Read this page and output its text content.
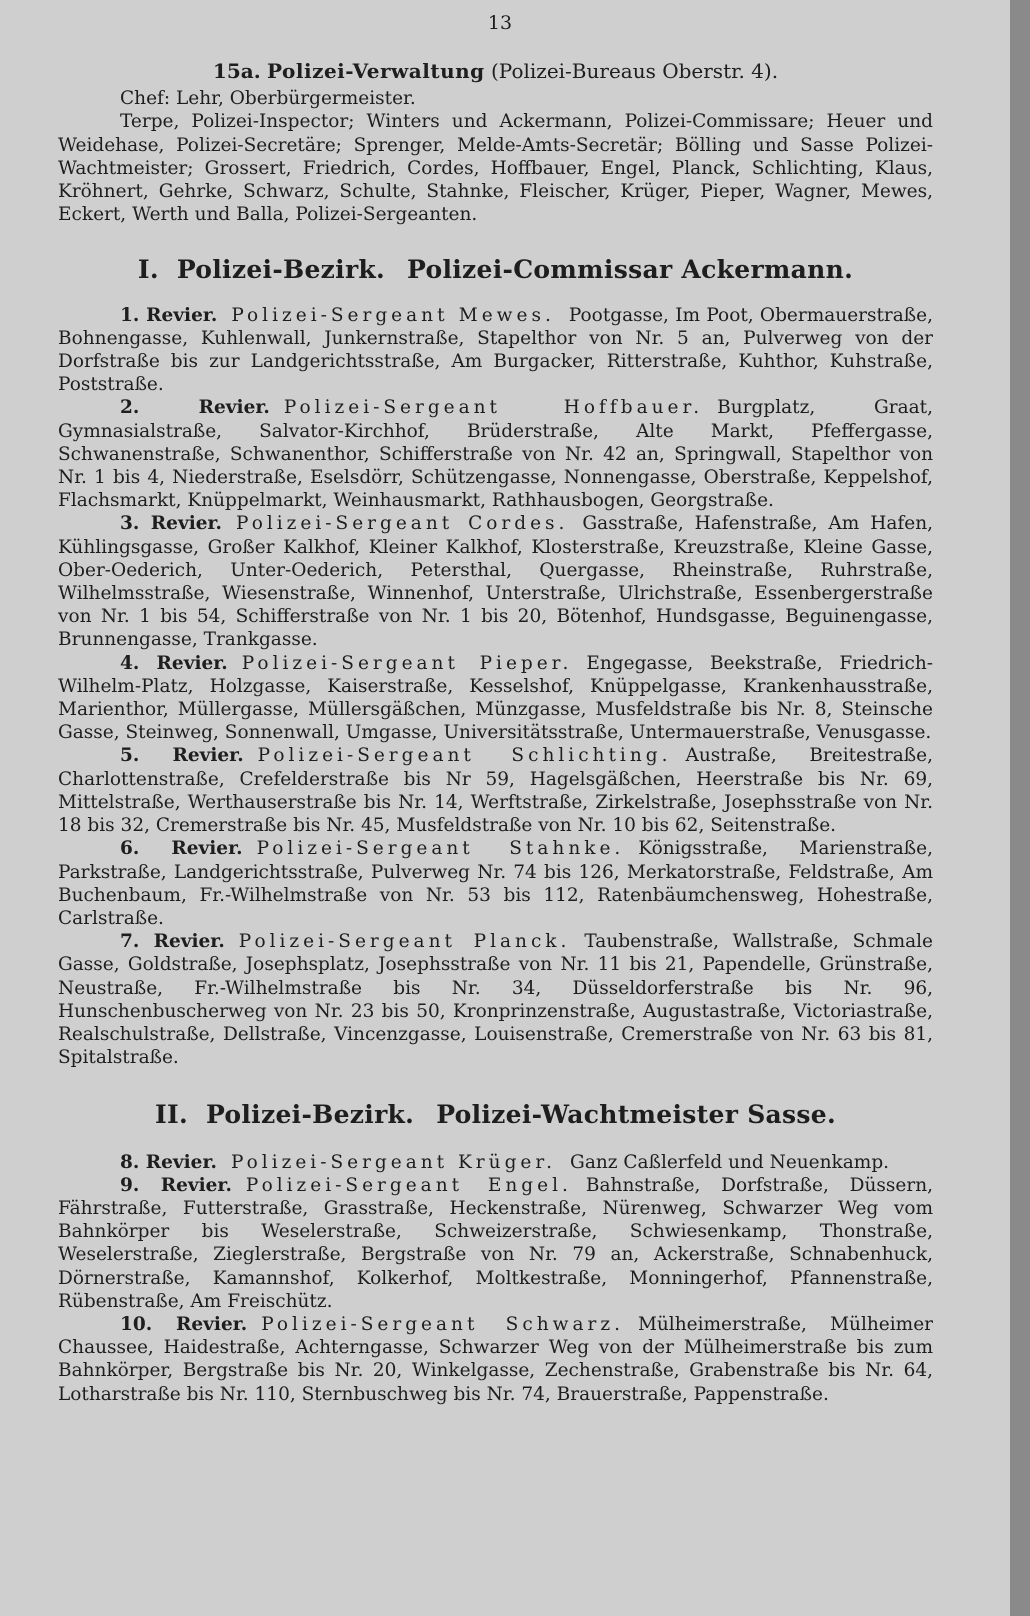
13
15a. Polizei-Verwaltung (Polizei-Bureaus Oberstr. 4).

Chef: Lehr, Oberbürgermeister.

Terpe, Polizei-Inspector; Winters und Ackermann, Polizei-Commissare; Heuer und Weidehase, Polizei-Secretäre; Sprenger, Melde-Amts-Secretär; Bölling und Sasse Polizei-Wachtmeister; Grossert, Friedrich, Cordes, Hoffbauer, Engel, Planck, Schlichting, Klaus, Kröhnert, Gehrke, Schwarz, Schulte, Stahnke, Fleischer, Krüger, Pieper, Wagner, Mewes, Eckert, Werth und Balla, Polizei-Sergeanten.

I. Polizei-Bezirk. Polizei-Commissar Ackermann.

1. Revier. Polizei-Sergeant Mewes. Pootgasse, Im Poot, Obermauerstraße, Bohnengasse, Kuhlenwall, Junkernstraße, Stapelthor von Nr. 5 an, Pulverweg von der Dorfstraße bis zur Landgerichtsstraße, Am Burgacker, Ritterstraße, Kuhthor, Kuhstraße, Poststraße.

2. Revier. Polizei-Sergeant Hoffbauer. Burgplatz, Graat, Gymnasialstraße, Salvator-Kirchhof, Brüderstraße, Alte Markt, Pfeffergasse, Schwanenstraße, Schwanenthor, Schifferstraße von Nr. 42 an, Springwall, Stapelthor von Nr. 1 bis 4, Niederstraße, Eselsdörr, Schützengasse, Nonnengasse, Oberstraße, Keppelshof, Flachsmarkt, Knüppelmarkt, Weinhausmarkt, Rathhausbogen, Georgstraße.

3. Revier. Polizei-Sergeant Cordes. Gasstraße, Hafenstraße, Am Hafen, Kühlingsgasse, Großer Kalkhof, Kleiner Kalkhof, Klosterstraße, Kreuzstraße, Kleine Gasse, Ober-Oederich, Unter-Oederich, Petersthal, Quergasse, Rheinstraße, Ruhrstraße, Wilhelmsstraße, Wiesenstraße, Winnenhof, Unterstraße, Ulrichstraße, Essenbergerstraße von Nr. 1 bis 54, Schifferstraße von Nr. 1 bis 20, Bötenhof, Hundsgasse, Beguinengasse, Brunnengasse, Trankgasse.

4. Revier. Polizei-Sergeant Pieper. Engegasse, Beekstraße, Friedrich-Wilhelm-Platz, Holzgasse, Kaiserstraße, Kesselshof, Knüppelgasse, Krankenhausstraße, Marienthor, Müllergasse, Müllersgäßchen, Münzgasse, Musfeldstraße bis Nr. 8, Steinsche Gasse, Steinweg, Sonnenwall, Umgasse, Universitätsstraße, Untermauerstraße, Venusgasse.

5. Revier. Polizei-Sergeant Schlichting. Austraße, Breitestraße, Charlottenstraße, Crefelderstraße bis Nr 59, Hagelsgäßchen, Heerstraße bis Nr. 69, Mittelstraße, Werthauserstraße bis Nr. 14, Werftstraße, Zirkelstraße, Josephsstraße von Nr. 18 bis 32, Cremerstraße bis Nr. 45, Musfeldstraße von Nr. 10 bis 62, Seitenstraße.

6. Revier. Polizei-Sergeant Stahnke. Königsstraße, Marienstraße, Parkstraße, Landgerichtsstraße, Pulverweg Nr. 74 bis 126, Merkatorstraße, Feldstraße, Am Buchenbaum, Fr.-Wilhelmstraße von Nr. 53 bis 112, Ratenbäumchensweg, Hohestraße, Carlstraße.

7. Revier. Polizei-Sergeant Planck. Taubenstraße, Wallstraße, Schmale Gasse, Goldstraße, Josephsplatz, Josephsstraße von Nr. 11 bis 21, Papendelle, Grünstraße, Neustraße, Fr.-Wilhelmstraße bis Nr. 34, Düsseldorferstraße bis Nr. 96, Hunschenbuscherweg von Nr. 23 bis 50, Kronprinzenstraße, Augustastraße, Victoriastraße, Realschulstraße, Dellstraße, Vincenzgasse, Louisenstraße, Cremerstraße von Nr. 63 bis 81, Spitalstraße.

II. Polizei-Bezirk. Polizei-Wachtmeister Sasse.

8. Revier. Polizei-Sergeant Krüger. Ganz Caßlerfeld und Neuenkamp.

9. Revier. Polizei-Sergeant Engel. Bahnstraße, Dorfstraße, Düssern, Fährstraße, Futterstraße, Grasstraße, Heckenstraße, Nürenweg, Schwarzer Weg vom Bahnkörper bis Weselerstraße, Schweizerstraße, Schwiesenkamp, Thonstraße, Weselerstraße, Zieglerstraße, Bergstraße von Nr. 79 an, Ackerstraße, Schnabenhuck, Dörnerstraße, Kamannshof, Kolkerhof, Moltkestraße, Monningerhof, Pfannenstraße, Rübenstraße, Am Freischütz.

10. Revier. Polizei-Sergeant Schwarz. Mülheimerstraße, Mülheimer Chaussee, Haidestraße, Achterngasse, Schwarzer Weg von der Mülheimerstraße bis zum Bahnkörper, Bergstraße bis Nr. 20, Winkelgasse, Zechenstraße, Grabenstraße bis Nr. 64, Lotharstraße bis Nr. 110, Sternbuschweg bis Nr. 74, Brauerstraße, Pappenstraße.
